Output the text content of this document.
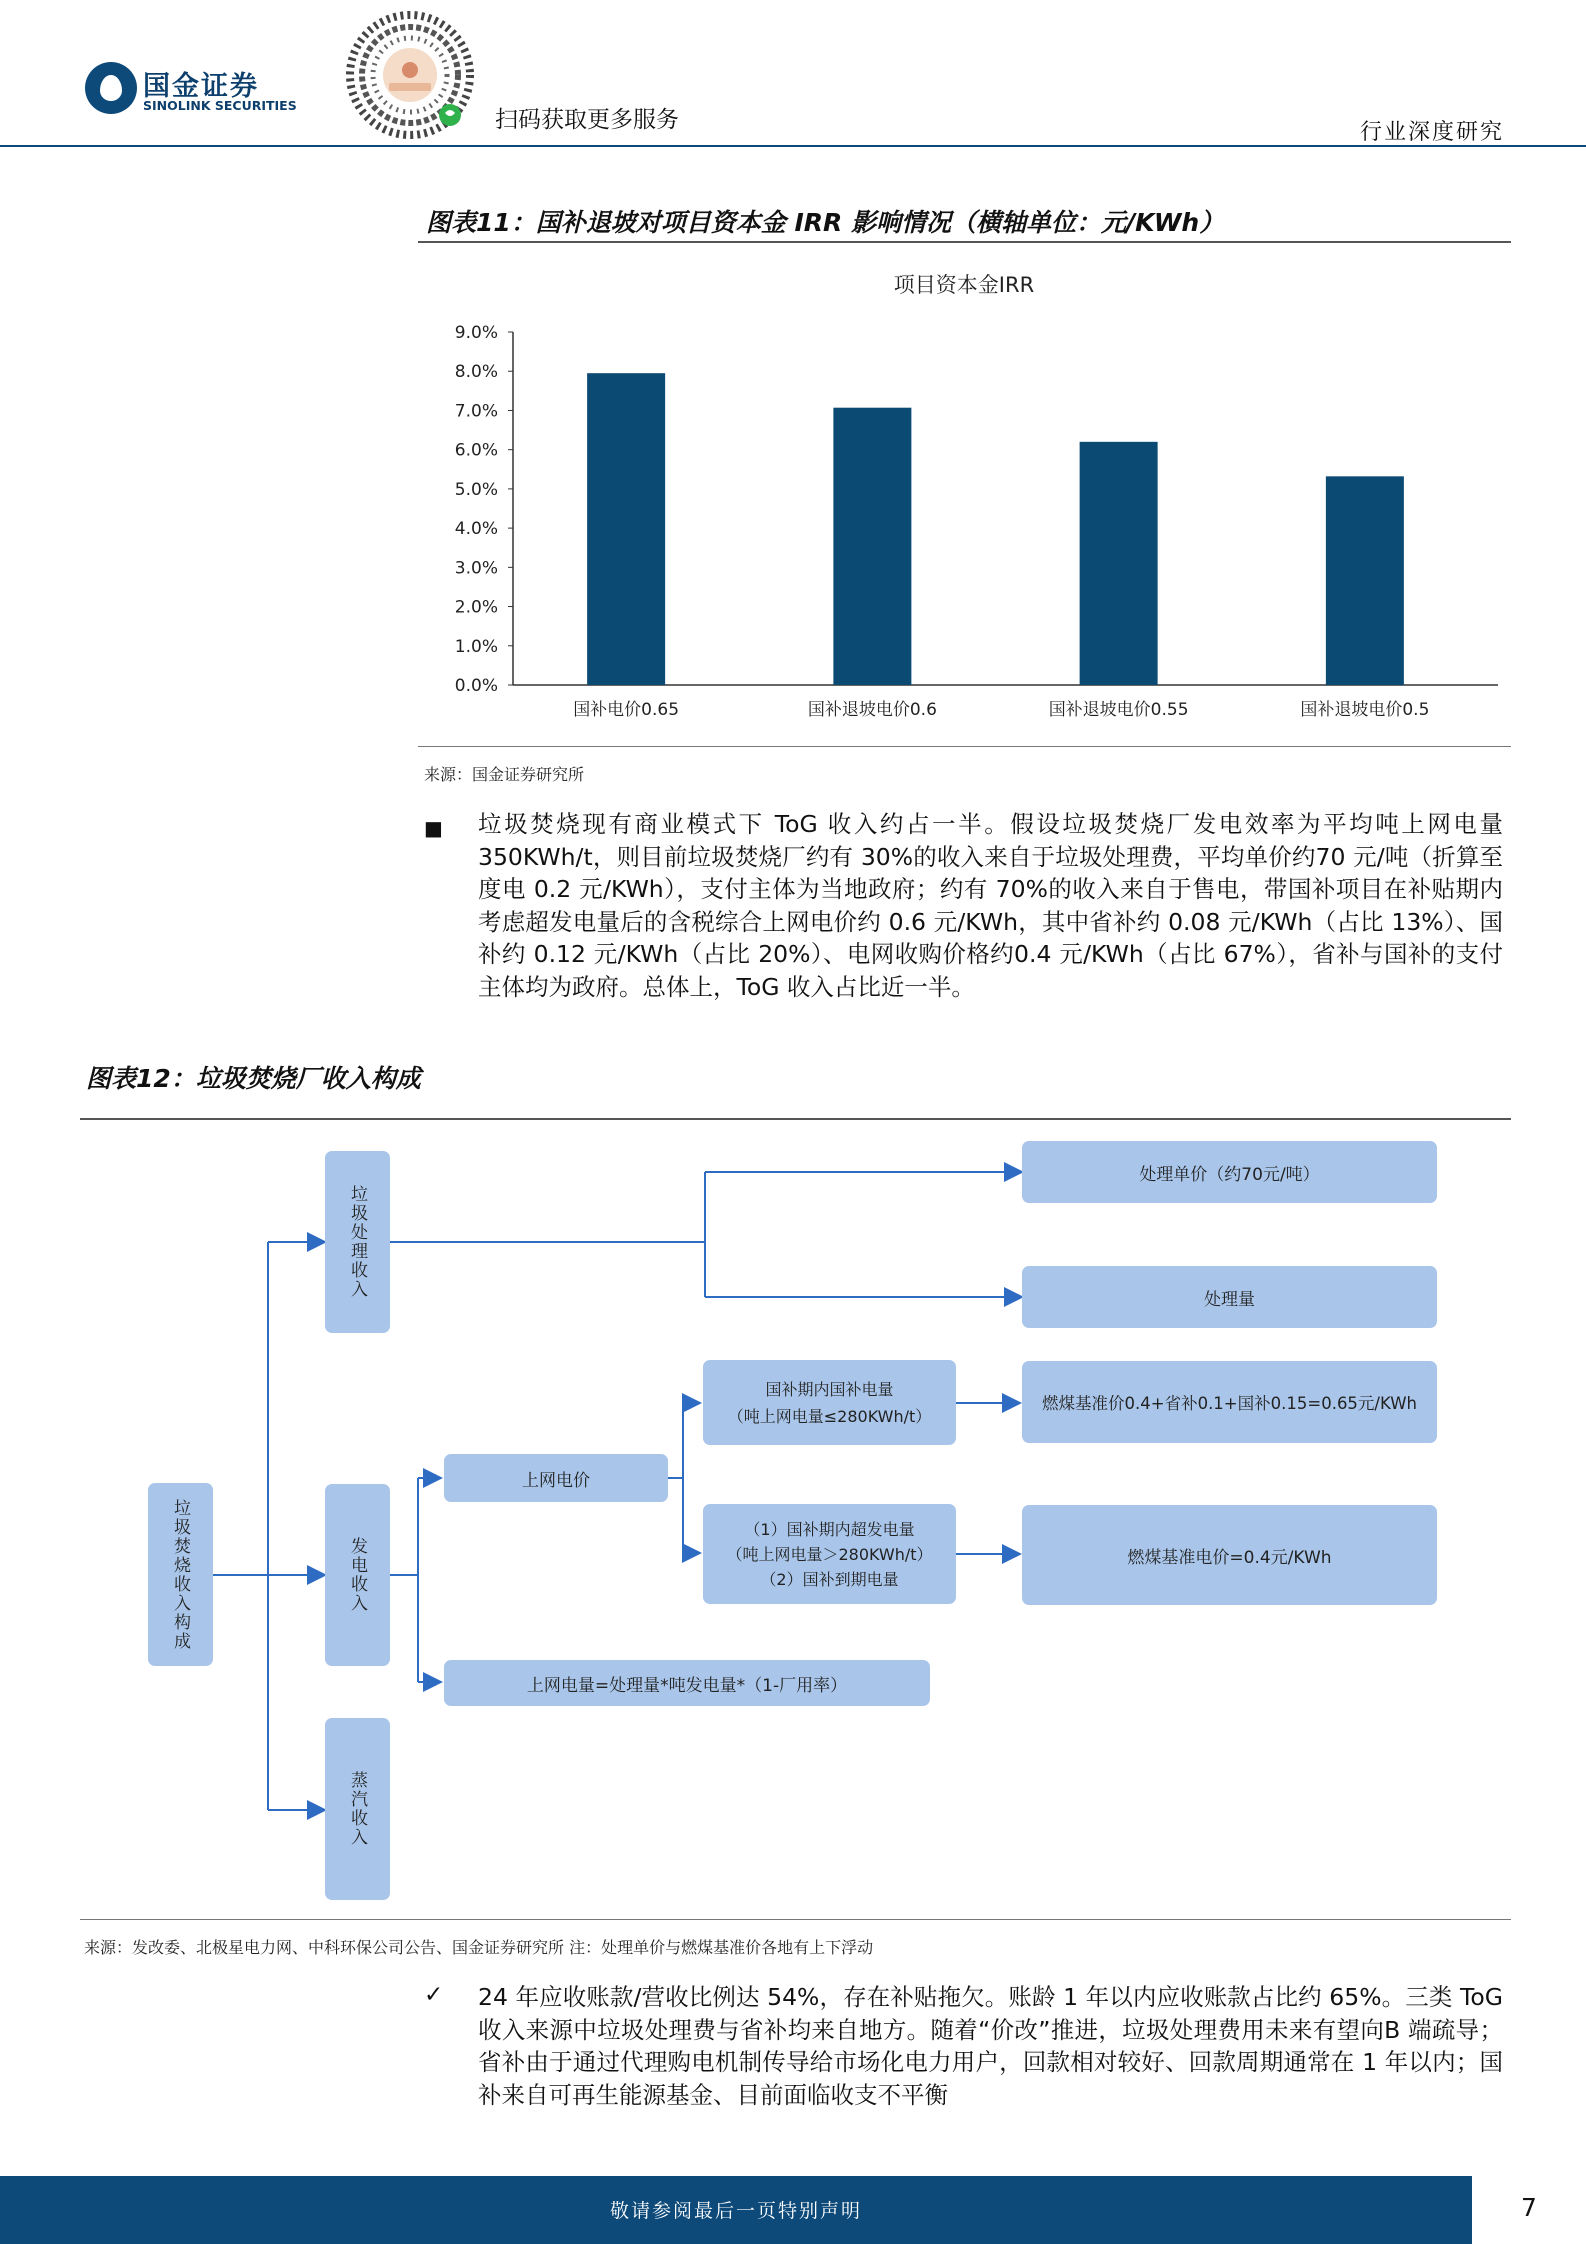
国金证券
SINOLINK SECURITIES
扫码获取更多服务	行业深度研究
图表11：国补退坡对项目资本金 IRR 影响情况（横轴单位：元/KWh）
项目资本金IRR
0.0%
1.0%
2.0%
3.0%
4.0%
5.0%
6.0%
7.0%
8.0%
9.0%
国补电价0.65	国补退坡电价0.6	国补退坡电价0.55	国补退坡电价0.5
来源：国金证券研究所
■ 垃圾焚烧现有商业模式下 ToG 收入约占一半。假设垃圾焚烧厂发电效率为平均吨上网电量 350KWh/t，则目前垃圾焚烧厂约有 30%的收入来自于垃圾处理费，平均单价约70 元/吨（折算至度电 0.2 元/KWh），支付主体为当地政府；约有 70%的收入来自于售电，带国补项目在补贴期内考虑超发电量后的含税综合上网电价约 0.6 元/KWh，其中省补约 0.08 元/KWh（占比 13%）、国补约 0.12 元/KWh（占比 20%）、电网收购价格约0.4 元/KWh（占比 67%），省补与国补的支付主体均为政府。总体上，ToG 收入占比近一半。
图表12：垃圾焚烧厂收入构成
垃圾焚烧收入构成
垃圾处理收入
发电收入
蒸汽收入
处理单价（约70元/吨）
处理量
上网电价
国补期内国补电量
（吨上网电量≤280KWh/t）
（1）国补期内超发电量
（吨上网电量＞280KWh/t）
（2）国补到期电量
燃煤基准价0.4+省补0.1+国补0.15=0.65元/KWh
燃煤基准电价=0.4元/KWh
上网电量=处理量*吨发电量*（1-厂用率）
来源：发改委、北极星电力网、中科环保公司公告、国金证券研究所 注：处理单价与燃煤基准价各地有上下浮动
✓ 24 年应收账款/营收比例达 54%，存在补贴拖欠。账龄 1 年以内应收账款占比约 65%。三类 ToG 收入来源中垃圾处理费与省补均来自地方。随着“价改”推进，垃圾处理费用未来有望向B 端疏导；省补由于通过代理购电机制传导给市场化电力用户，回款相对较好、回款周期通常在 1 年以内；国补来自可再生能源基金、目前面临收支不平衡
敬请参阅最后一页特别声明	7
